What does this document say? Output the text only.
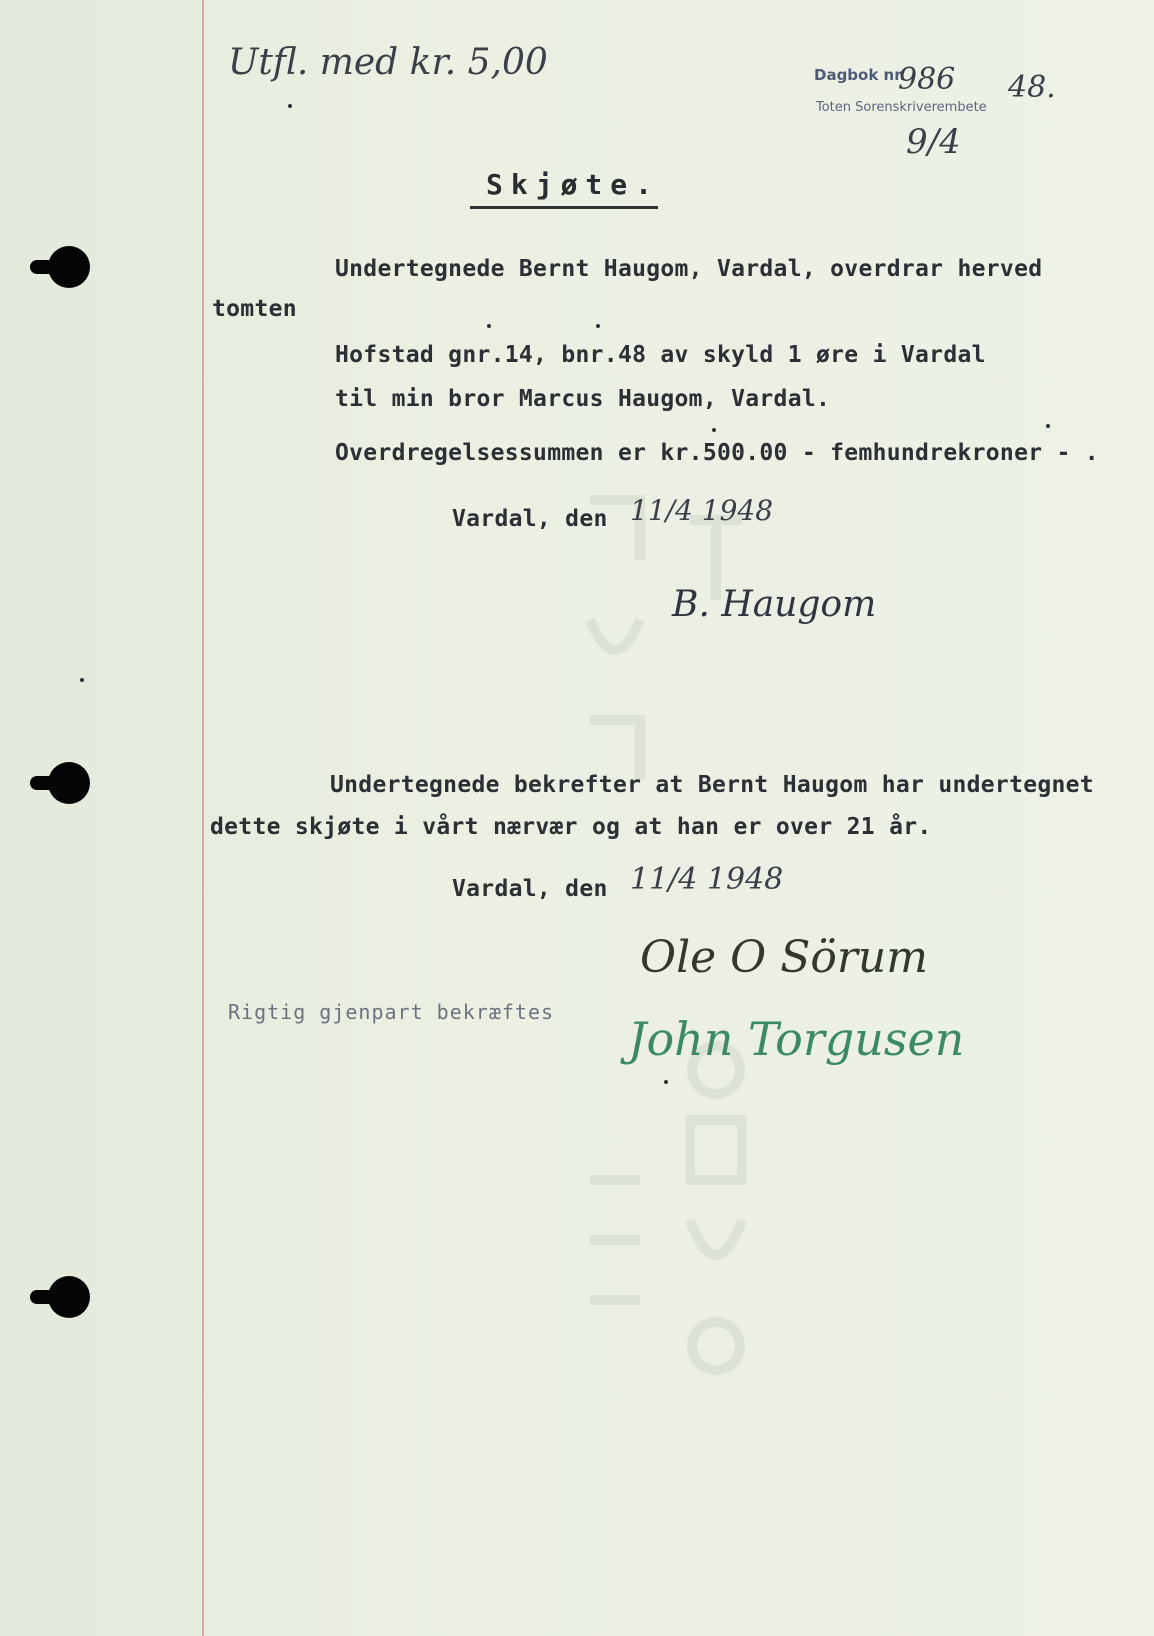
Utfl. med kr. 5,00	Dagbok nr.
986 48.
Toten Sorenskriverembete
9/4
Skjøte.
Undertegnede Bernt Haugom, Vardal, overdrar herved
tomten
Hofstad gnr.14, bnr.48 av skyld 1 øre i Vardal
til min bror Marcus Haugom, Vardal.
Overdregelsessummen er kr.500.00 - femhundrekroner - .
Vardal, den 11/4 1948
B. Haugom
Undertegnede bekrefter at Bernt Haugom har undertegnet
dette skjøte i vårt nærvær og at han er over 21 år.
Vardal, den 11/4 1948
Ole O Sörum
Rigtig gjenpart bekræftes John Torgusen
